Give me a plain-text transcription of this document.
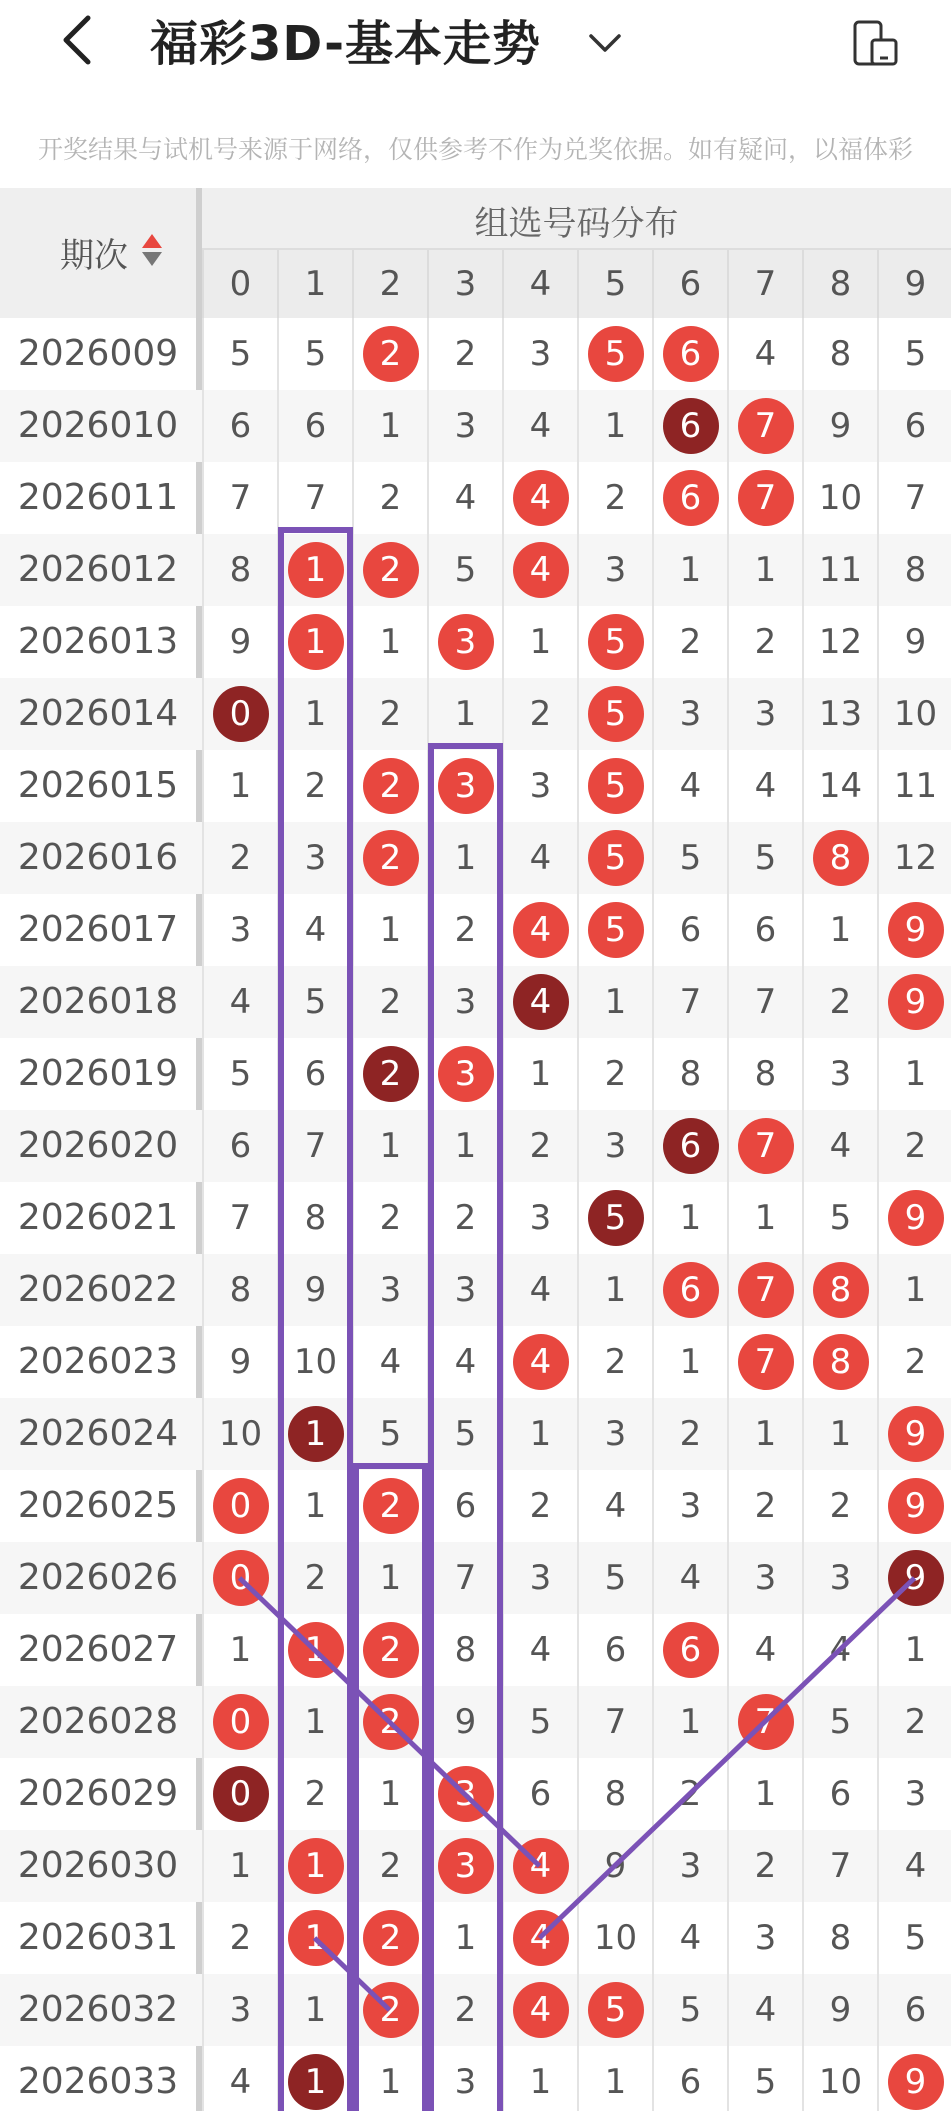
福彩3D-基本走势
开奖结果与试机号来源于网络，仅供参考不作为兑奖依据。如有疑问，以福体彩
期次
组选号码分布
0	1	2	3	4	5	6	7	8	9
2026009	5	5	2	2	3	5	6	4	8	5
2026010	6	6	1	3	4	1	6	7	9	6
2026011	7	7	2	4	4	2	6	7	10	7
2026012	8	1	2	5	4	3	1	1	11	8
2026013	9	1	1	3	1	5	2	2	12	9
2026014	0	1	2	1	2	5	3	3	13 10
2026015	1	2	2	3	3	5	4	4	14 11
2026016	2	3	2	1	4	5	5	5	8	12
2026017	3	4	1	2	4	5	6	6	1	9
2026018	4	5	2	3	4	1	7	7	2	9
2026019	5	6	2	3	1	2	8	8	3	1
2026020	6	7	1	1	2	3	6	7	4	2
2026021	7	8	2	2	3	5	1	1	5	9
2026022	8	9	3	3	4	1	6	7	8	1
2026023	9	10	4	4	4	2	1	7	8	2
2026024	10	1	5	5	1	3	2	1	1	9
2026025	0	1	2	6	2	4	3	2	2	9
2026026	0	2	1	7	3	5	4	3	3	9
2026027	1	1	2	8	4	6	6	4	4	1
2026028	0	1	2	9	5	7	1	7	5	2
2026029	0	2	1	3	6	8	2	1	6	3
2026030	1	1	2	3	4	9	3	2	7	4
2026031	2	1	2	1	4	10	4	3	8	5
2026032	3	1	2	2	4	5	5	4	9	6
2026033	4	1	1	3	1	1	6	5	10	9
